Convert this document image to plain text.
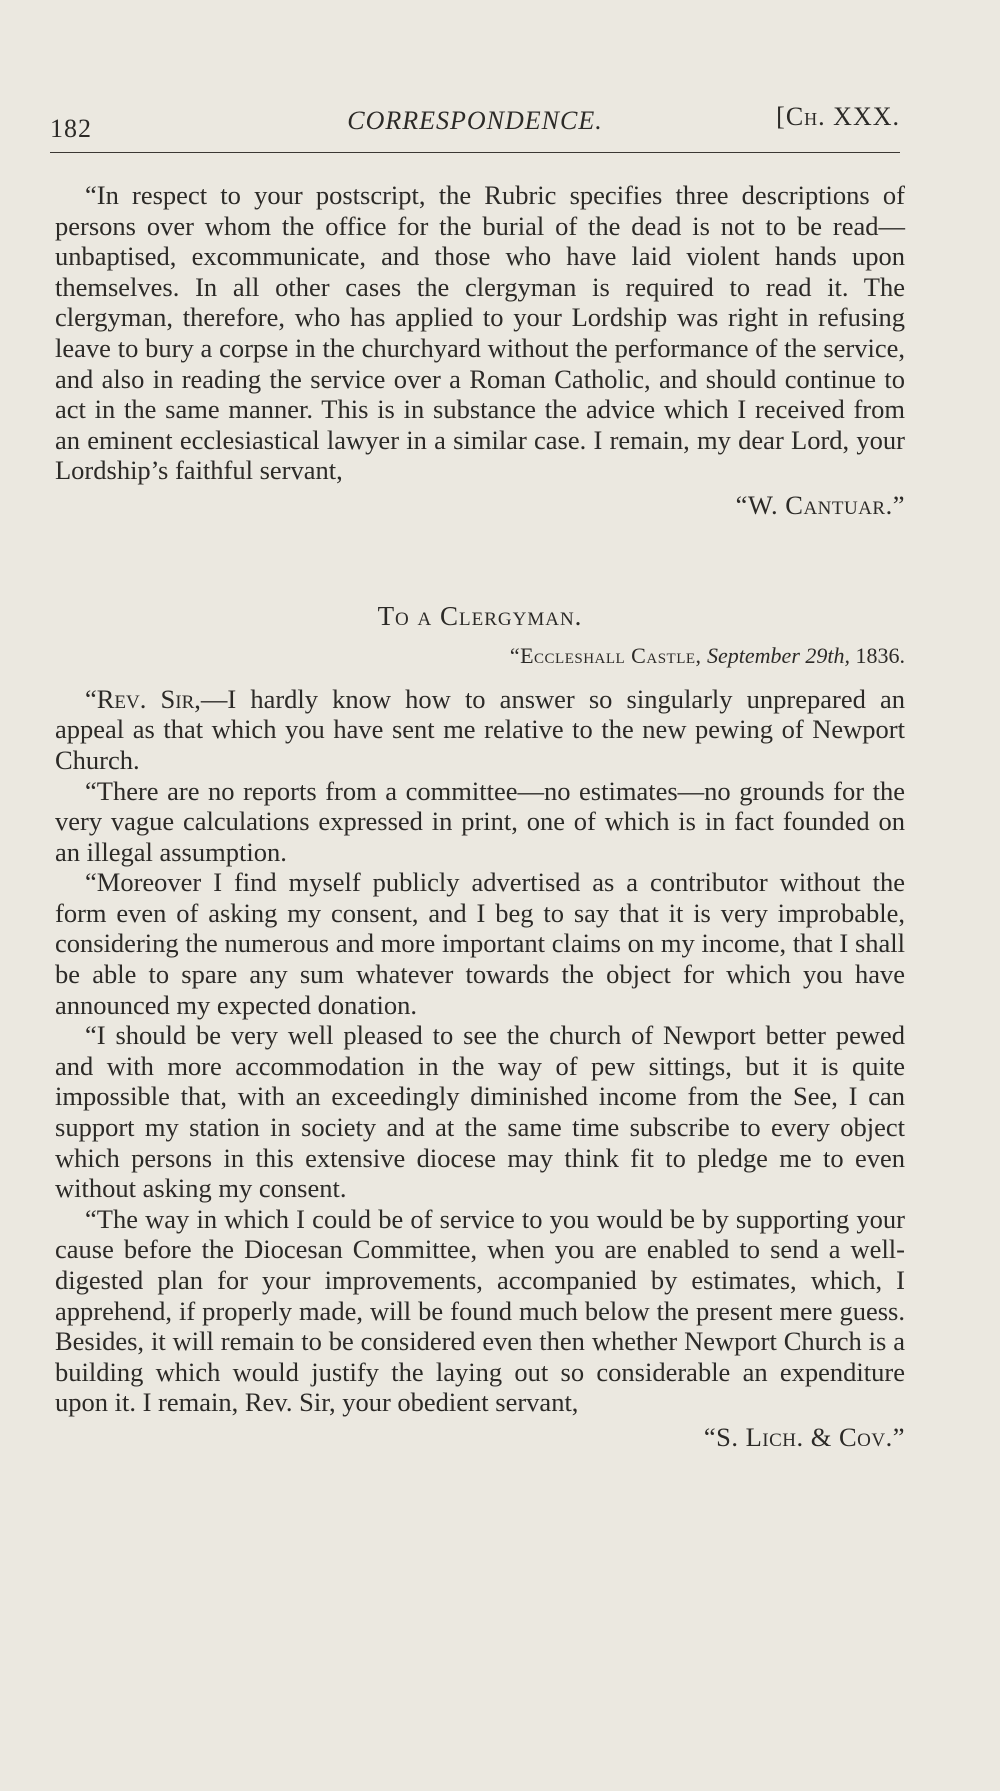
182	CORRESPONDENCE.	[Ch. XXX.

“In respect to your postscript, the Rubric specifies three descriptions of persons over whom the office for the burial of the dead is not to be read—unbaptised, excommunicate, and those who have laid violent hands upon themselves. In all other cases the clergyman is required to read it. The clergyman, therefore, who has applied to your Lordship was right in refusing leave to bury a corpse in the churchyard without the performance of the service, and also in reading the service over a Roman Catholic, and should continue to act in the same manner. This is in substance the advice which I received from an eminent ecclesiastical lawyer in a similar case. I remain, my dear Lord, your Lordship’s faithful servant,

“W. Cantuar.”

To a Clergyman.

“Eccleshall Castle, September 29th, 1836.

“Rev. Sir,—I hardly know how to answer so singularly unprepared an appeal as that which you have sent me relative to the new pewing of Newport Church.

“There are no reports from a committee—no estimates—no grounds for the very vague calculations expressed in print, one of which is in fact founded on an illegal assumption.

“Moreover I find myself publicly advertised as a contributor without the form even of asking my consent, and I beg to say that it is very improbable, considering the numerous and more important claims on my income, that I shall be able to spare any sum whatever towards the object for which you have announced my expected donation.

“I should be very well pleased to see the church of Newport better pewed and with more accommodation in the way of pew sittings, but it is quite impossible that, with an exceedingly diminished income from the See, I can support my station in society and at the same time subscribe to every object which persons in this extensive diocese may think fit to pledge me to even without asking my consent.

“The way in which I could be of service to you would be by supporting your cause before the Diocesan Committee, when you are enabled to send a well-digested plan for your improvements, accompanied by estimates, which, I apprehend, if properly made, will be found much below the present mere guess. Besides, it will remain to be considered even then whether Newport Church is a building which would justify the laying out so considerable an expenditure upon it. I remain, Rev. Sir, your obedient servant,

“S. Lich. & Cov.”
